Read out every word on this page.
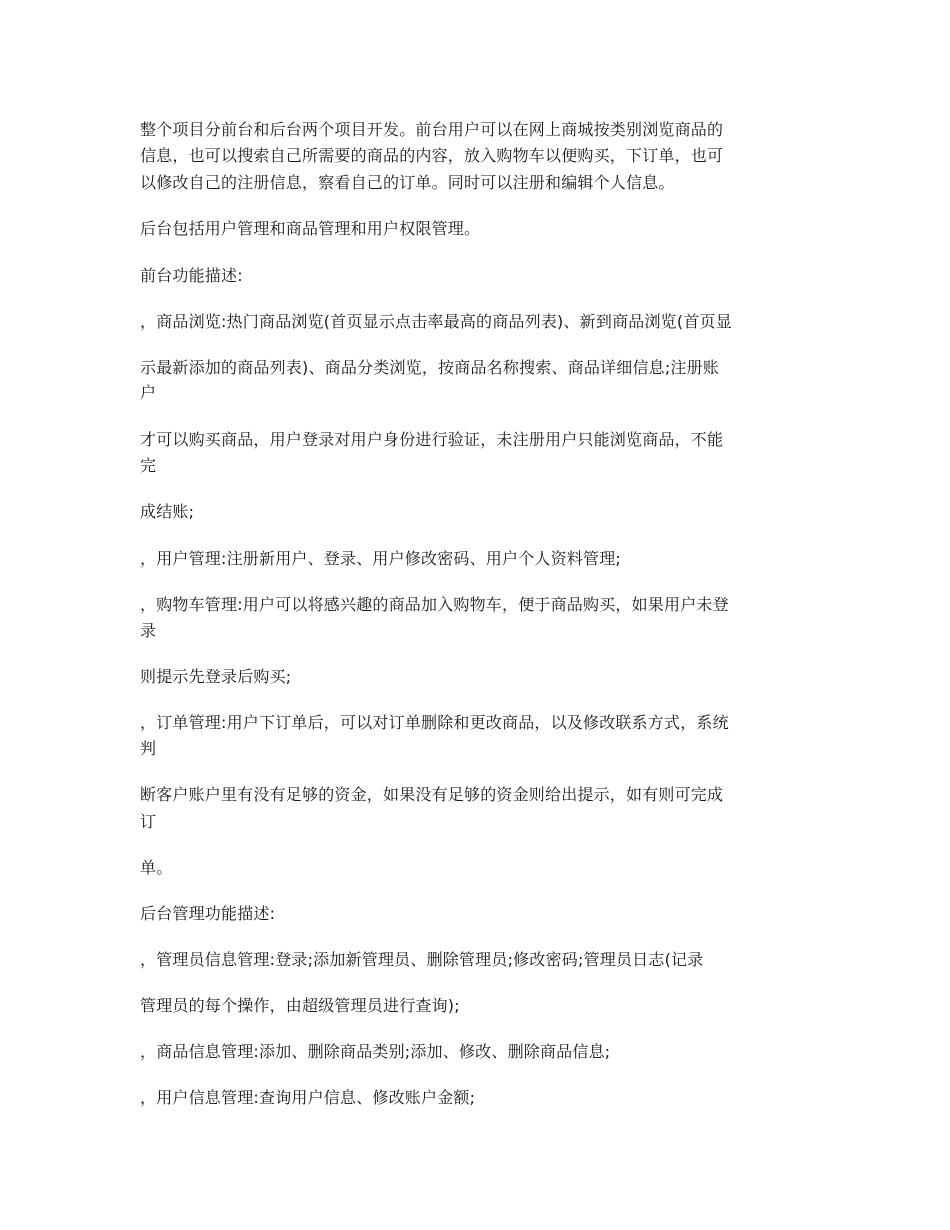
整个项目分前台和后台两个项目开发。前台用户可以在网上商城按类别浏览商品的
信息，也可以搜索自己所需要的商品的内容，放入购物车以便购买，下订单，也可
以修改自己的注册信息，察看自己的订单。同时可以注册和编辑个人信息。
后台包括用户管理和商品管理和用户权限管理。
前台功能描述:
，商品浏览:热门商品浏览(首页显示点击率最高的商品列表)、新到商品浏览(首页显
示最新添加的商品列表)、商品分类浏览，按商品名称搜索、商品详细信息;注册账
户
才可以购买商品，用户登录对用户身份进行验证，未注册用户只能浏览商品，不能
完
成结账;
，用户管理:注册新用户、登录、用户修改密码、用户个人资料管理;
，购物车管理:用户可以将感兴趣的商品加入购物车，便于商品购买，如果用户未登
录
则提示先登录后购买;
，订单管理:用户下订单后，可以对订单删除和更改商品，以及修改联系方式，系统
判
断客户账户里有没有足够的资金，如果没有足够的资金则给出提示，如有则可完成
订
单。
后台管理功能描述:
，管理员信息管理:登录;添加新管理员、删除管理员;修改密码;管理员日志(记录
管理员的每个操作，由超级管理员进行查询);
，商品信息管理:添加、删除商品类别;添加、修改、删除商品信息;
，用户信息管理:查询用户信息、修改账户金额;
